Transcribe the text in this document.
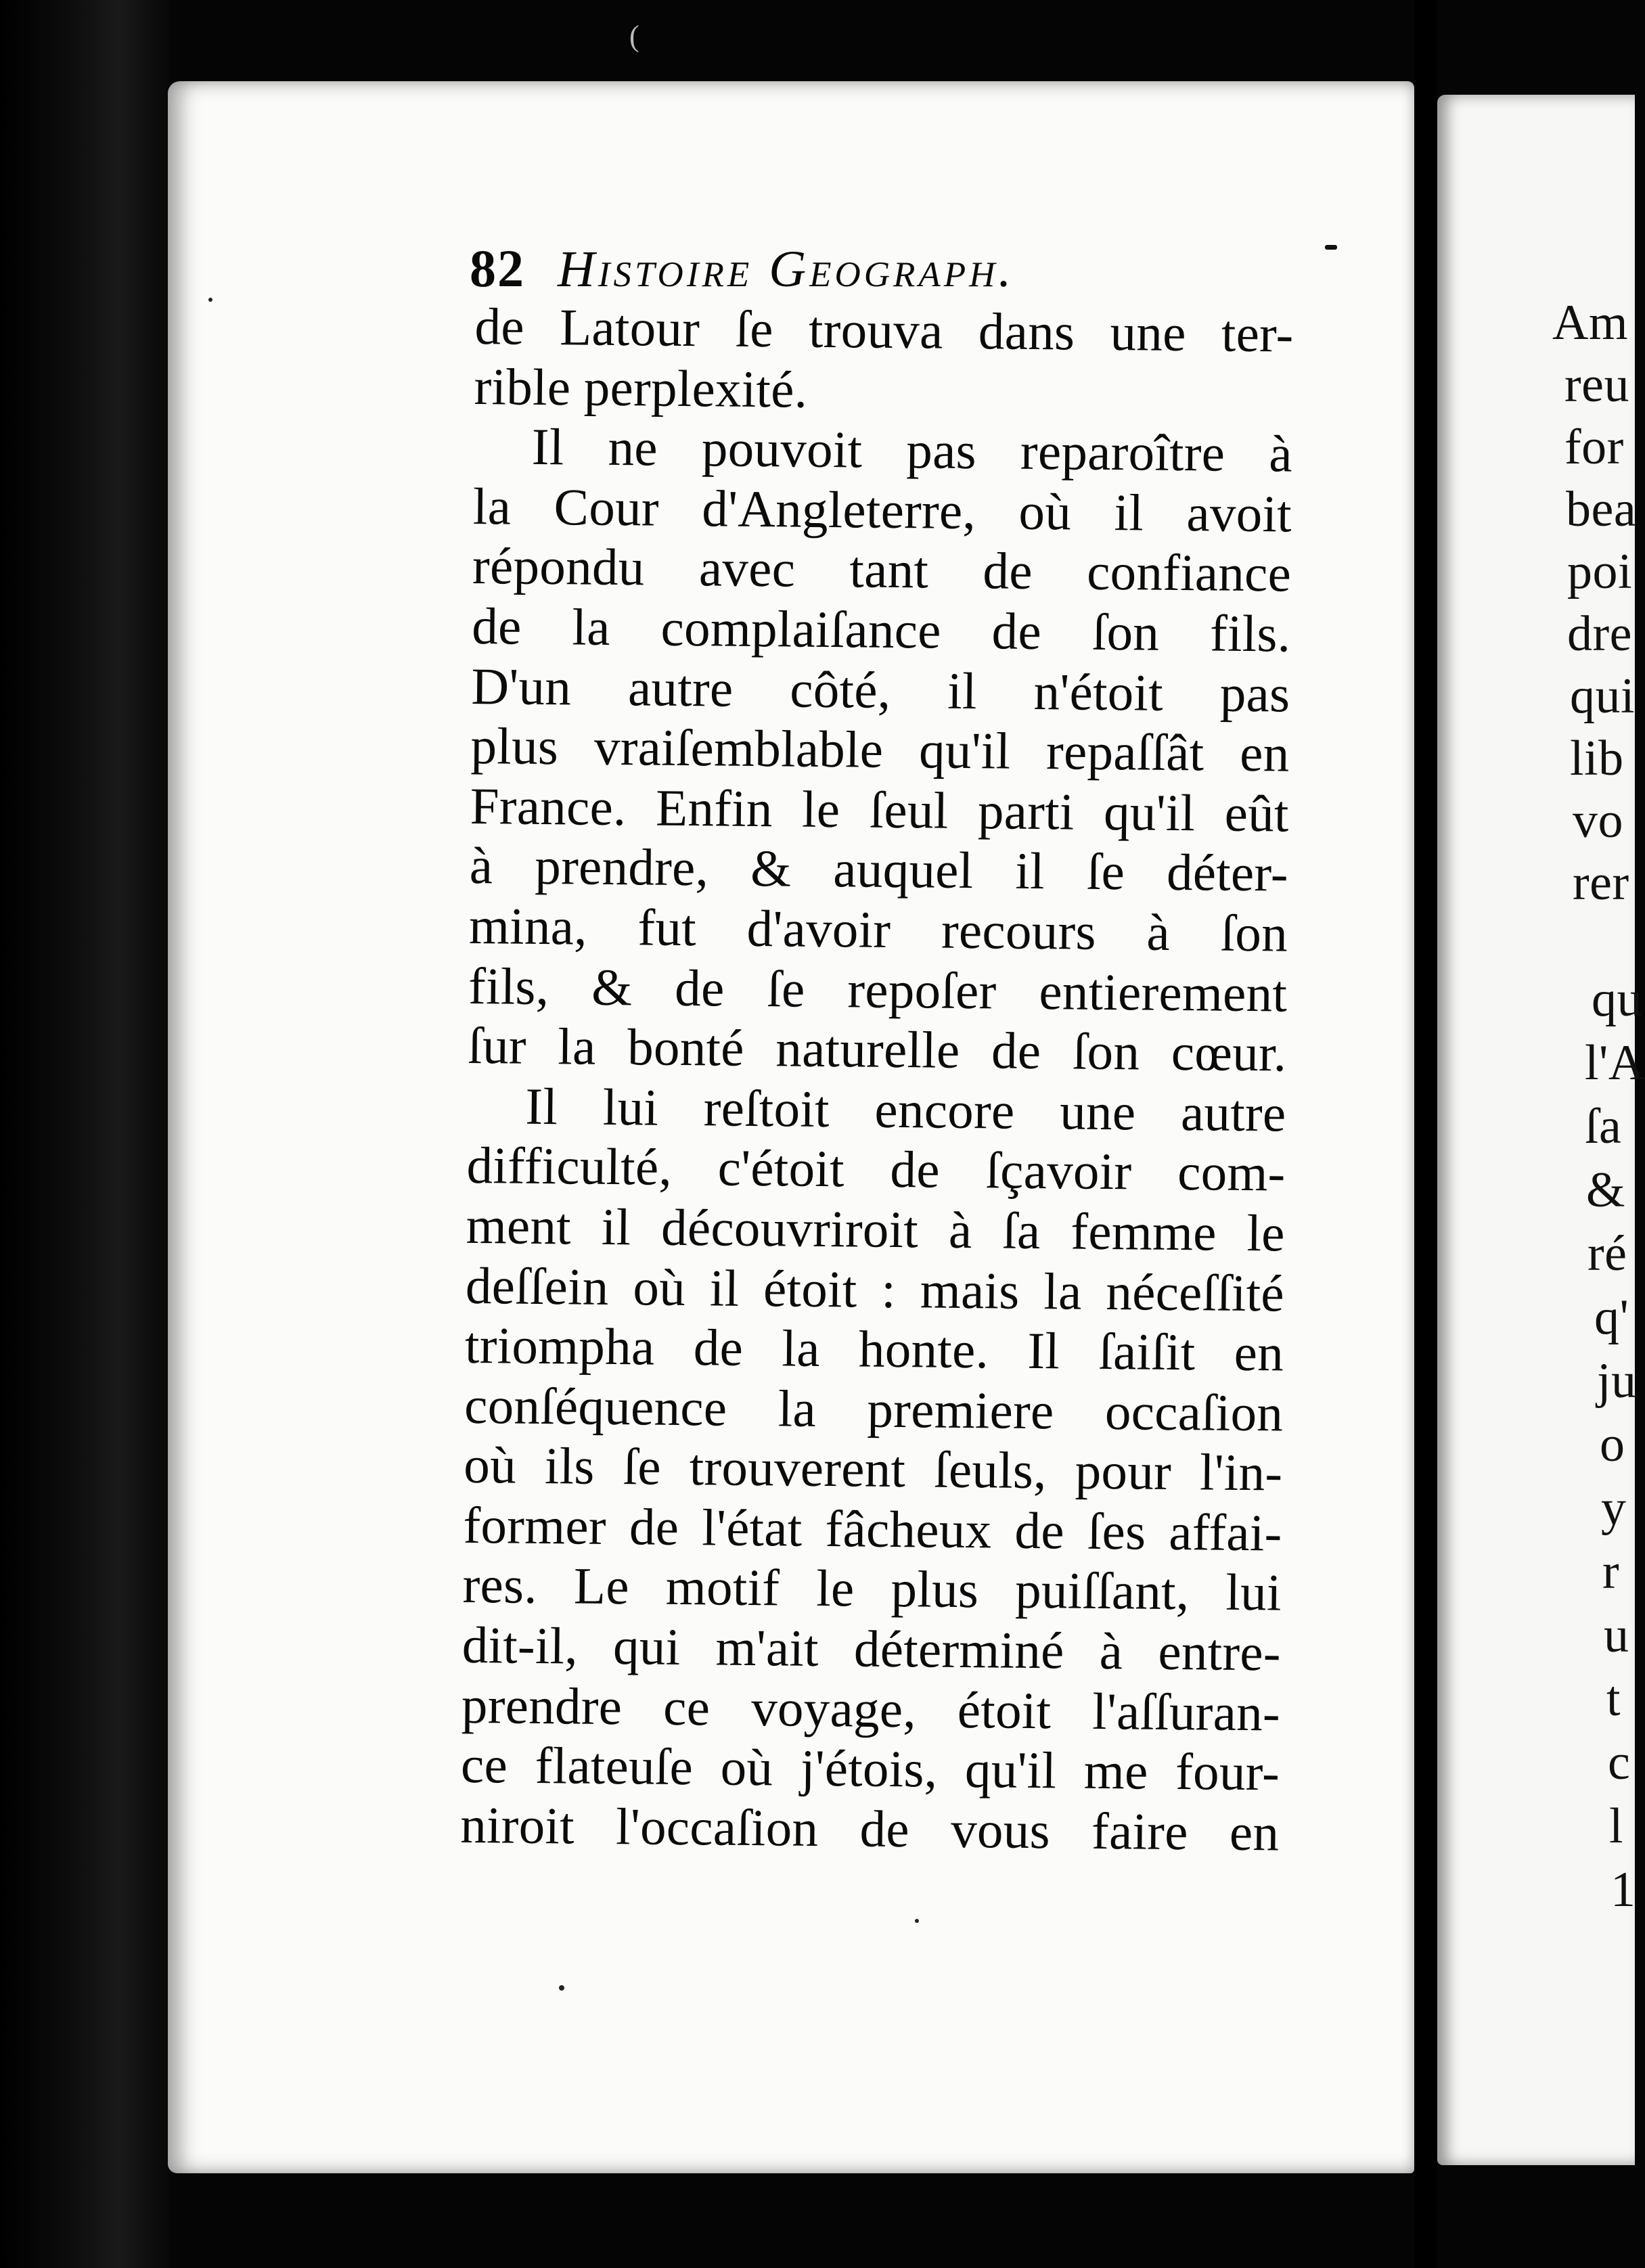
(
82 Histoire Geograph.
de Latour ſe trouva dans une ter-
rible perplexité.
Il ne pouvoit pas reparoître à
la Cour d'Angleterre, où il avoit
répondu avec tant de confiance
de la complaiſance de ſon fils.
D'un autre côté, il n'étoit pas
plus vraiſemblable qu'il repaſſât en
France. Enfin le ſeul parti qu'il eût
à prendre, & auquel il ſe déter-
mina, fut d'avoir recours à ſon
fils, & de ſe repoſer entierement
ſur la bonté naturelle de ſon cœur.
Il lui reſtoit encore une autre
difficulté, c'étoit de ſçavoir com-
ment il découvriroit à ſa femme le
deſſein où il étoit : mais la néceſſité
triompha de la honte. Il ſaiſit en
conſéquence la premiere occaſion
où ils ſe trouverent ſeuls, pour l'in-
former de l'état fâcheux de ſes affai-
res. Le motif le plus puiſſant, lui
dit-il, qui m'ait déterminé à entre-
prendre ce voyage, étoit l'aſſuran-
ce flateuſe où j'étois, qu'il me four-
niroit l'occaſion de vous faire en
Am
reu
for
bea
poi
dre
qui
lib
vo
rer
qu
l'A
ſa
&
ré
q'
ju
o
y
r
u
t
c
l
1
